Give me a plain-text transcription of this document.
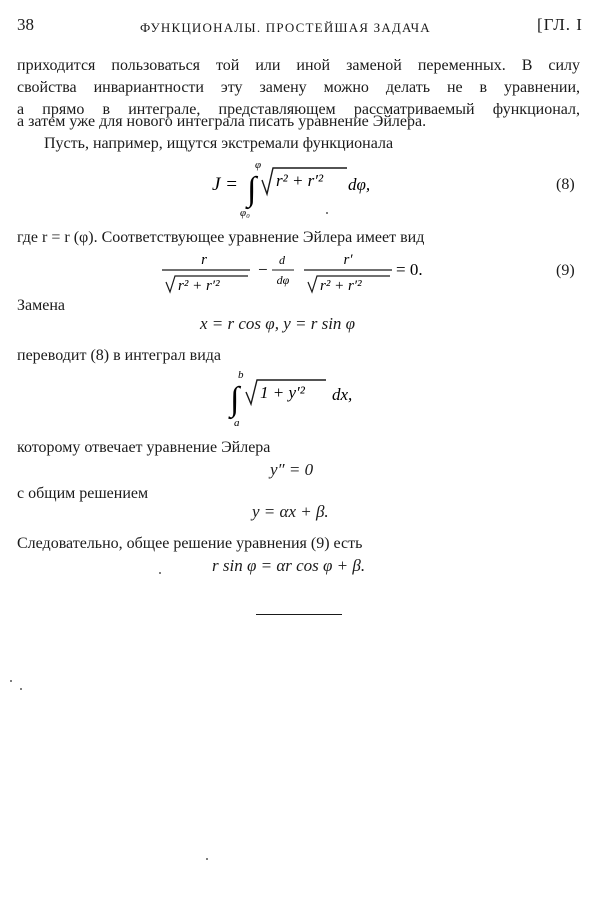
38	ФУНКЦИОНАЛЫ. ПРОСТЕЙШАЯ ЗАДАЧА	[ГЛ. I
приходится пользоваться той или иной заменой переменных. В силу
свойства инвариантности эту замену можно делать не в уравнении,
а прямо в интеграле, представляющем рассматриваемый функционал,
а затем уже для нового интеграла писать уравнение Эйлера.
Пусть, например, ищутся экстремали функционала
J =
φ
∫
φ₀
r² + r′² dφ,	(8)
где r = r (φ). Соответствующее уравнение Эйлера имеет вид
r
r² + r′²
− d
dφ
r′
r² + r′²
= 0.	(9)
Замена
x = r cos φ, y = r sin φ
переводит (8) в интеграл вида
b
∫
a
1 + y′² dx,
которому отвечает уравнение Эйлера
y″ = 0
с общим решением
y = αx + β.
Следовательно, общее решение уравнения (9) есть
r sin φ = αr cos φ + β.
